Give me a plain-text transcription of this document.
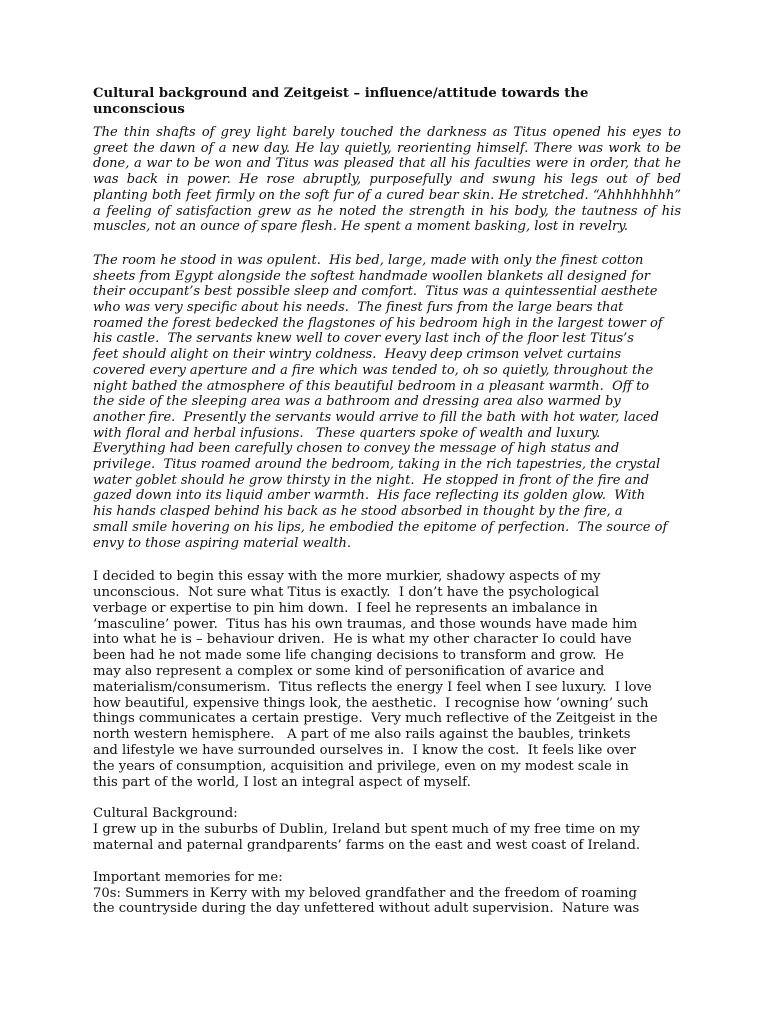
Cultural background and Zeitgeist – influence/attitude towards the
unconscious

The thin shafts of grey light barely touched the darkness as Titus opened his eyes to greet the dawn of a new day. He lay quietly, reorienting himself. There was work to be done, a war to be won and Titus was pleased that all his faculties were in order, that he was back in power. He rose abruptly, purposefully and swung his legs out of bed planting both feet firmly on the soft fur of a cured bear skin. He stretched. “Ahhhhhhhh” a feeling of satisfaction grew as he noted the strength in his body, the tautness of his muscles, not an ounce of spare flesh. He spent a moment basking, lost in revelry.

The room he stood in was opulent.  His bed, large, made with only the finest cotton
sheets from Egypt alongside the softest handmade woollen blankets all designed for
their occupant’s best possible sleep and comfort.  Titus was a quintessential aesthete
who was very specific about his needs.  The finest furs from the large bears that
roamed the forest bedecked the flagstones of his bedroom high in the largest tower of
his castle.  The servants knew well to cover every last inch of the floor lest Titus’s
feet should alight on their wintry coldness.  Heavy deep crimson velvet curtains
covered every aperture and a fire which was tended to, oh so quietly, throughout the
night bathed the atmosphere of this beautiful bedroom in a pleasant warmth.  Off to
the side of the sleeping area was a bathroom and dressing area also warmed by
another fire.  Presently the servants would arrive to fill the bath with hot water, laced
with floral and herbal infusions.   These quarters spoke of wealth and luxury.
Everything had been carefully chosen to convey the message of high status and
privilege.  Titus roamed around the bedroom, taking in the rich tapestries, the crystal
water goblet should he grow thirsty in the night.  He stopped in front of the fire and
gazed down into its liquid amber warmth.  His face reflecting its golden glow.  With
his hands clasped behind his back as he stood absorbed in thought by the fire, a
small smile hovering on his lips, he embodied the epitome of perfection.  The source of
envy to those aspiring material wealth.
I decided to begin this essay with the more murkier, shadowy aspects of my
unconscious.  Not sure what Titus is exactly.  I don’t have the psychological
verbage or expertise to pin him down.  I feel he represents an imbalance in
‘masculine’ power.  Titus has his own traumas, and those wounds have made him
into what he is – behaviour driven.  He is what my other character Io could have
been had he not made some life changing decisions to transform and grow.  He
may also represent a complex or some kind of personification of avarice and
materialism/consumerism.  Titus reflects the energy I feel when I see luxury.  I love
how beautiful, expensive things look, the aesthetic.  I recognise how ‘owning’ such
things communicates a certain prestige.  Very much reflective of the Zeitgeist in the
north western hemisphere.   A part of me also rails against the baubles, trinkets
and lifestyle we have surrounded ourselves in.  I know the cost.  It feels like over
the years of consumption, acquisition and privilege, even on my modest scale in
this part of the world, I lost an integral aspect of myself.
Cultural Background:
I grew up in the suburbs of Dublin, Ireland but spent much of my free time on my
maternal and paternal grandparents’ farms on the east and west coast of Ireland.
Important memories for me:
70s: Summers in Kerry with my beloved grandfather and the freedom of roaming
the countryside during the day unfettered without adult supervision.  Nature was
